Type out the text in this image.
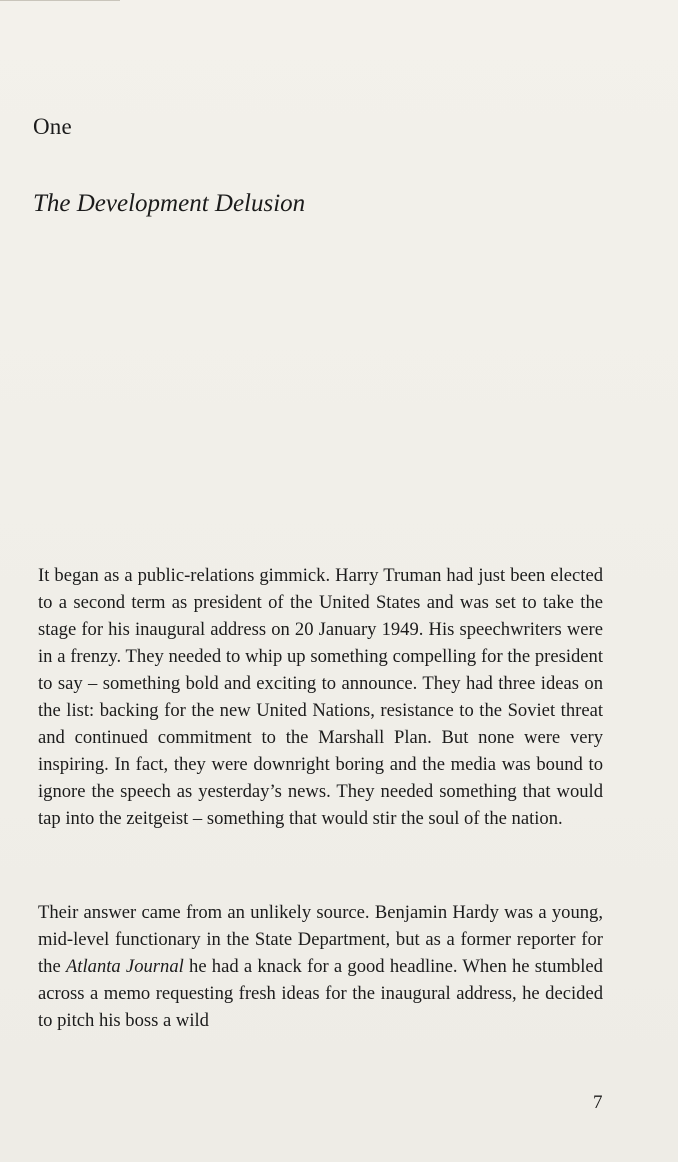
One
The Development Delusion

It began as a public-relations gimmick. Harry Truman had just been elected to a second term as president of the United States and was set to take the stage for his inaugural address on 20 January 1949. His speechwriters were in a frenzy. They needed to whip up something compelling for the president to say – something bold and exciting to announce. They had three ideas on the list: backing for the new United Nations, resistance to the Soviet threat and continued commitment to the Marshall Plan. But none were very inspiring. In fact, they were downright boring and the media was bound to ignore the speech as yesterday’s news. They needed something that would tap into the zeitgeist – something that would stir the soul of the nation.

Their answer came from an unlikely source. Benjamin Hardy was a young, mid-level functionary in the State Department, but as a former reporter for the Atlanta Journal he had a knack for a good headline. When he stumbled across a memo requesting fresh ideas for the inaugural address, he decided to pitch his boss a wild

7
